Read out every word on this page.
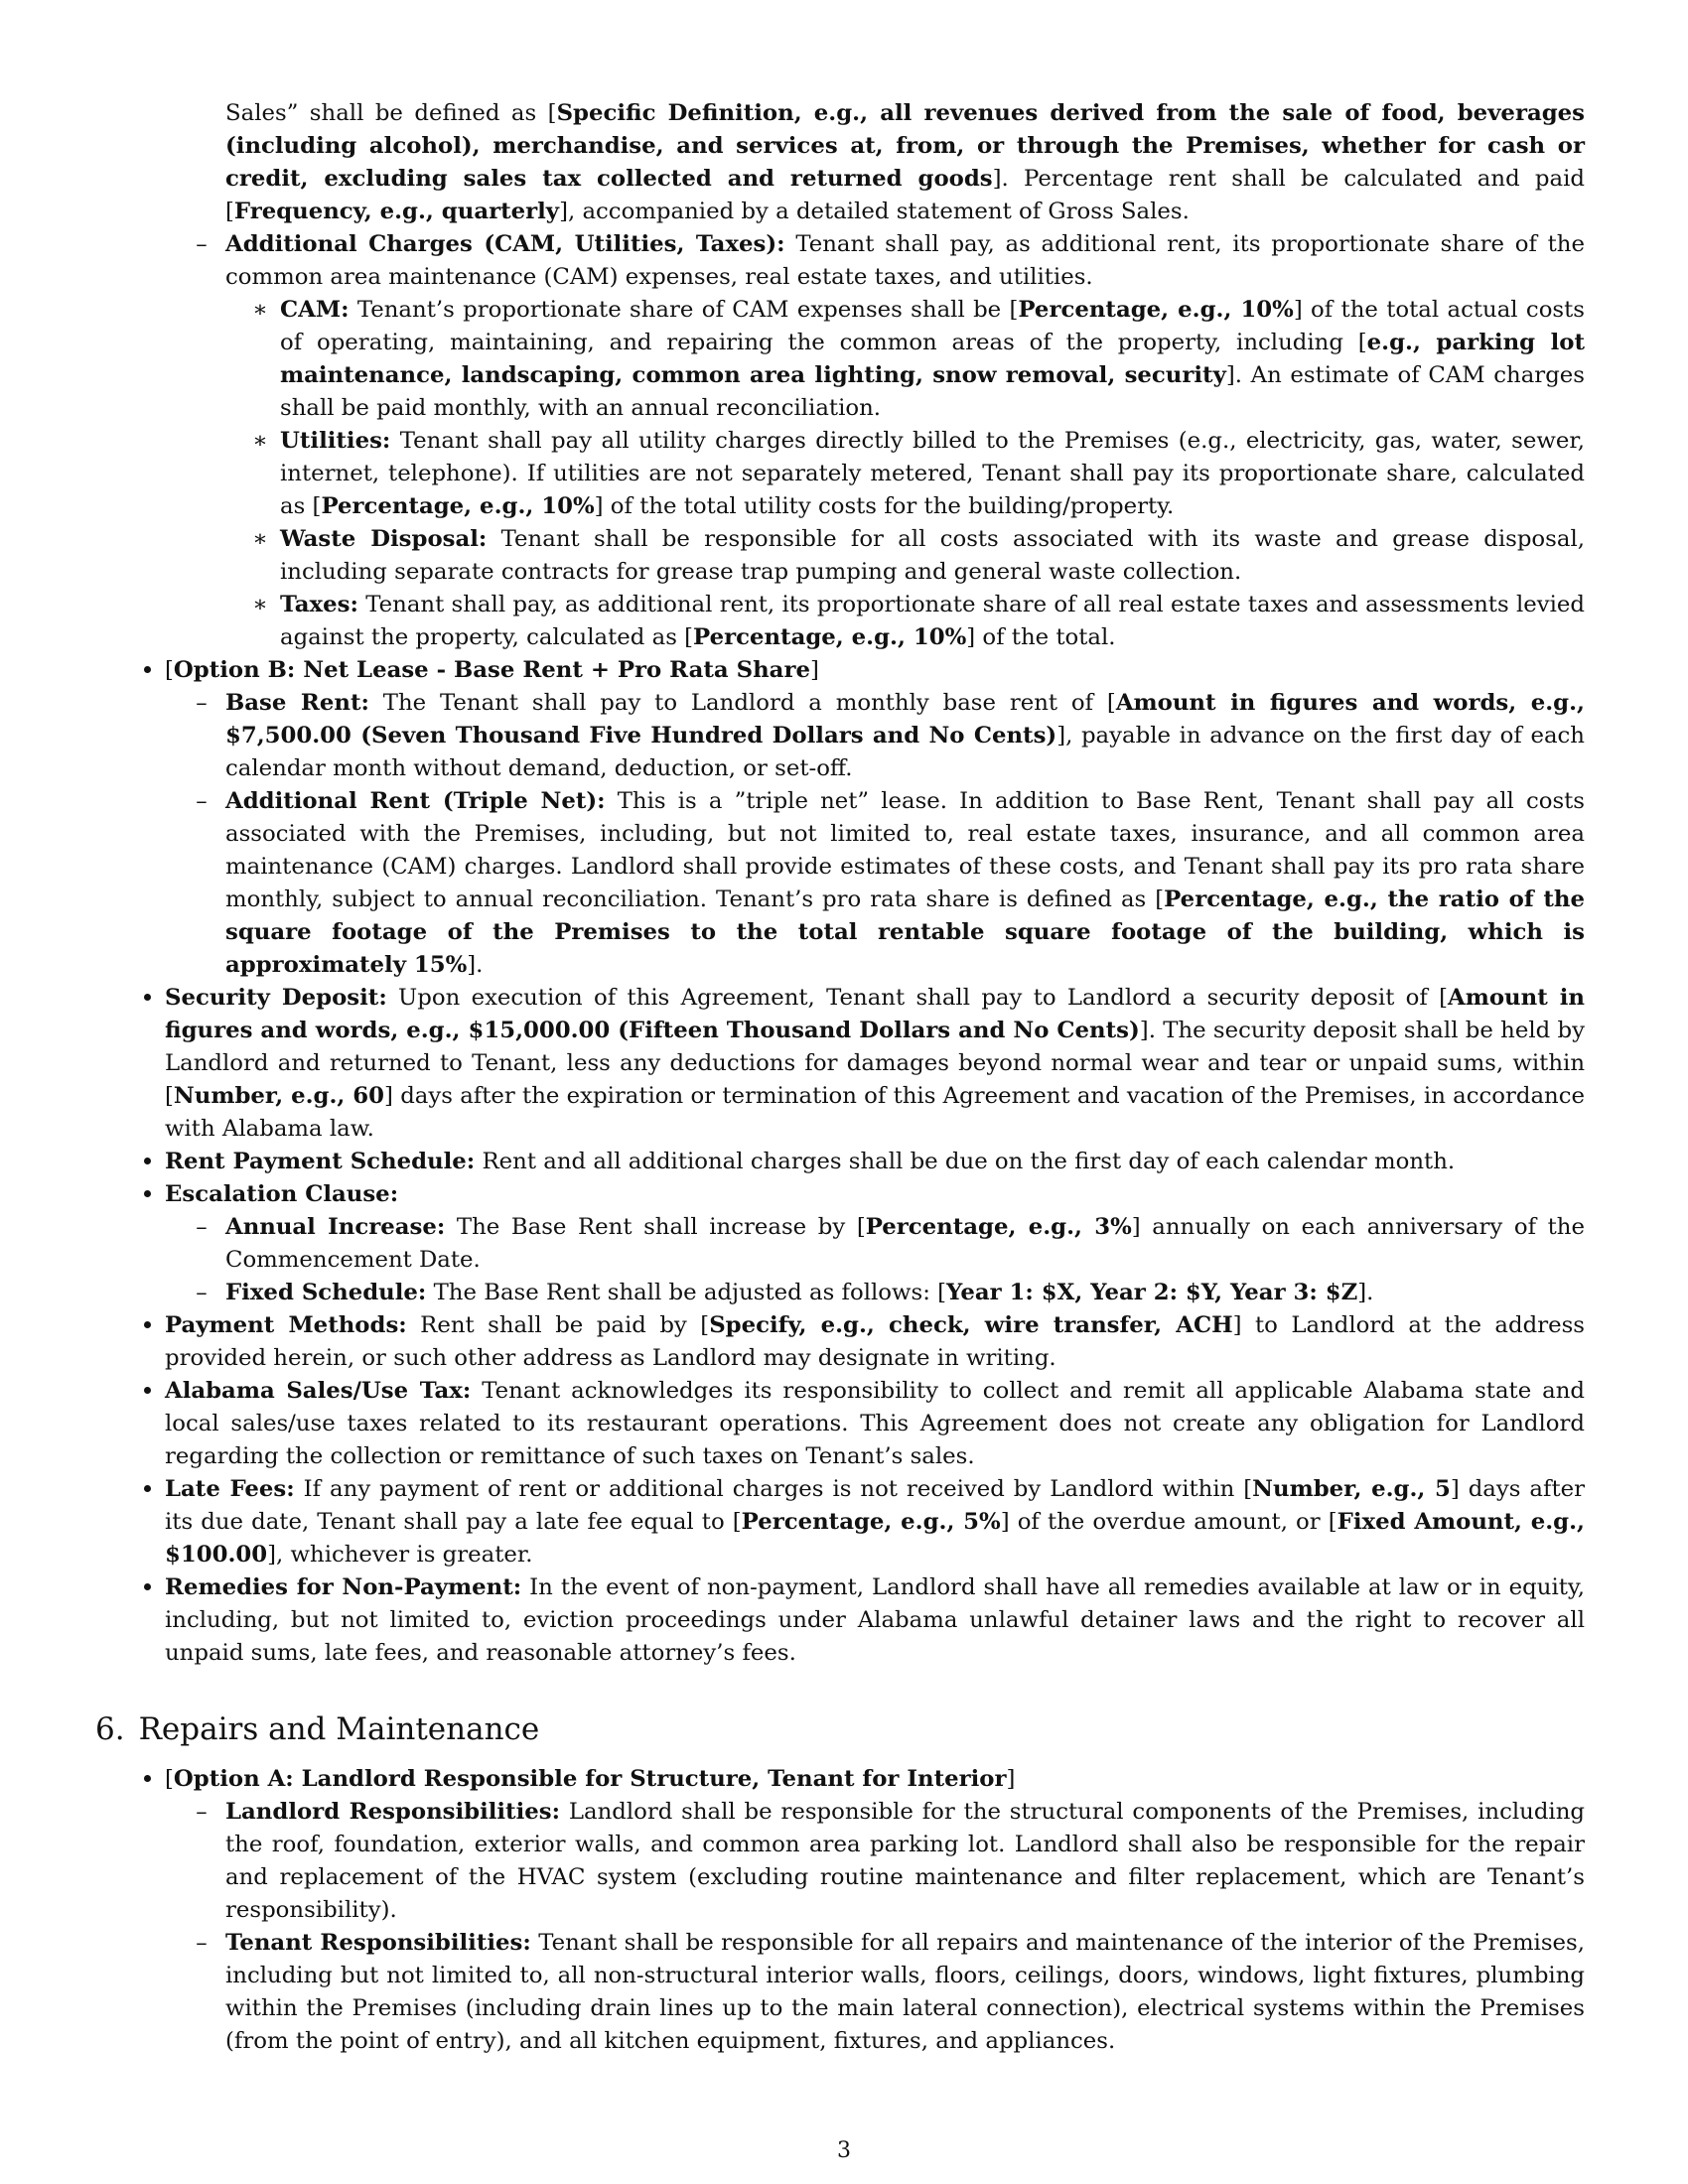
Sales” shall be defined as [Specific Definition, e.g., all revenues derived from the sale of food, beverages (including alcohol), merchandise, and services at, from, or through the Premises, whether for cash or credit, excluding sales tax collected and returned goods]. Percentage rent shall be calculated and paid [Frequency, e.g., quarterly], accompanied by a detailed statement of Gross Sales.
– Additional Charges (CAM, Utilities, Taxes): Tenant shall pay, as additional rent, its proportionate share of the common area maintenance (CAM) expenses, real estate taxes, and utilities.
∗ CAM: Tenant’s proportionate share of CAM expenses shall be [Percentage, e.g., 10%] of the total actual costs of operating, maintaining, and repairing the common areas of the property, including [e.g., parking lot maintenance, landscaping, common area lighting, snow removal, security]. An estimate of CAM charges shall be paid monthly, with an annual reconciliation.
∗ Utilities: Tenant shall pay all utility charges directly billed to the Premises (e.g., electricity, gas, water, sewer, internet, telephone). If utilities are not separately metered, Tenant shall pay its proportionate share, calculated as [Percentage, e.g., 10%] of the total utility costs for the building/property.
∗ Waste Disposal: Tenant shall be responsible for all costs associated with its waste and grease disposal, including separate contracts for grease trap pumping and general waste collection.
∗ Taxes: Tenant shall pay, as additional rent, its proportionate share of all real estate taxes and assessments levied against the property, calculated as [Percentage, e.g., 10%] of the total.
[Option B: Net Lease - Base Rent + Pro Rata Share]
– Base Rent: The Tenant shall pay to Landlord a monthly base rent of [Amount in figures and words, e.g., $7,500.00 (Seven Thousand Five Hundred Dollars and No Cents)], payable in advance on the first day of each calendar month without demand, deduction, or set-off.
– Additional Rent (Triple Net): This is a ”triple net” lease. In addition to Base Rent, Tenant shall pay all costs associated with the Premises, including, but not limited to, real estate taxes, insurance, and all common area maintenance (CAM) charges. Landlord shall provide estimates of these costs, and Tenant shall pay its pro rata share monthly, subject to annual reconciliation. Tenant’s pro rata share is defined as [Percentage, e.g., the ratio of the square footage of the Premises to the total rentable square footage of the building, which is approximately 15%].
Security Deposit: Upon execution of this Agreement, Tenant shall pay to Landlord a security deposit of [Amount in figures and words, e.g., $15,000.00 (Fifteen Thousand Dollars and No Cents)]. The security deposit shall be held by Landlord and returned to Tenant, less any deductions for damages beyond normal wear and tear or unpaid sums, within [Number, e.g., 60] days after the expiration or termination of this Agreement and vacation of the Premises, in accordance with Alabama law.
Rent Payment Schedule: Rent and all additional charges shall be due on the first day of each calendar month.
Escalation Clause:
– Annual Increase: The Base Rent shall increase by [Percentage, e.g., 3%] annually on each anniversary of the Commencement Date.
– Fixed Schedule: The Base Rent shall be adjusted as follows: [Year 1: $X, Year 2: $Y, Year 3: $Z].
Payment Methods: Rent shall be paid by [Specify, e.g., check, wire transfer, ACH] to Landlord at the address provided herein, or such other address as Landlord may designate in writing.
Alabama Sales/Use Tax: Tenant acknowledges its responsibility to collect and remit all applicable Alabama state and local sales/use taxes related to its restaurant operations. This Agreement does not create any obligation for Landlord regarding the collection or remittance of such taxes on Tenant’s sales.
Late Fees: If any payment of rent or additional charges is not received by Landlord within [Number, e.g., 5] days after its due date, Tenant shall pay a late fee equal to [Percentage, e.g., 5%] of the overdue amount, or [Fixed Amount, e.g., $100.00], whichever is greater.
Remedies for Non-Payment: In the event of non-payment, Landlord shall have all remedies available at law or in equity, including, but not limited to, eviction proceedings under Alabama unlawful detainer laws and the right to recover all unpaid sums, late fees, and reasonable attorney’s fees.
6. Repairs and Maintenance
[Option A: Landlord Responsible for Structure, Tenant for Interior]
– Landlord Responsibilities: Landlord shall be responsible for the structural components of the Premises, including the roof, foundation, exterior walls, and common area parking lot. Landlord shall also be responsible for the repair and replacement of the HVAC system (excluding routine maintenance and filter replacement, which are Tenant’s responsibility).
– Tenant Responsibilities: Tenant shall be responsible for all repairs and maintenance of the interior of the Premises, including but not limited to, all non-structural interior walls, floors, ceilings, doors, windows, light fixtures, plumbing within the Premises (including drain lines up to the main lateral connection), electrical systems within the Premises (from the point of entry), and all kitchen equipment, fixtures, and appliances.
3
